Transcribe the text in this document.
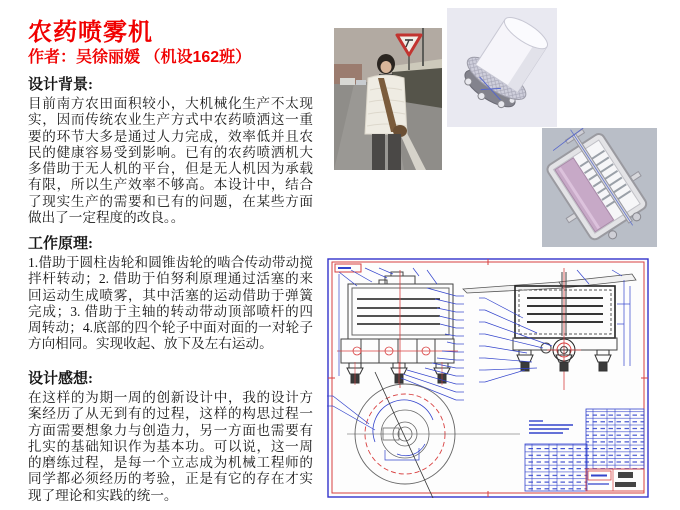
农药喷雾机
作者：吴徐丽媛 （机设162班）
设计背景:

目前南方农田面积较小，大机械化生产不太现实，因而传统农业生产方式中农药喷洒这一重要的环节大多是通过人力完成，效率低并且农民的健康容易受到影响。已有的农药喷洒机大多借助于无人机的平台，但是无人机因为承载有限，所以生产效率不够高。本设计中，结合了现实生产的需要和已有的问题，在某些方面做出了一定程度的改良。。

工作原理:

1.借助于圆柱齿轮和圆锥齿轮的啮合传动带动搅拌杆转动；2. 借助于伯努利原理通过活塞的来回运动生成喷雾，其中活塞的运动借助于弹簧完成；3. 借助于主轴的转动带动顶部喷杆的四周转动；4.底部的四个轮子中面对面的一对轮子方向相同。实现收起、放下及左右运动。

设计感想:

在这样的为期一周的创新设计中，我的设计方案经历了从无到有的过程，这样的构思过程一方面需要想象力与创造力，另一方面也需要有扎实的基础知识作为基本功。可以说，这一周的磨练过程，是每一个立志成为机械工程师的同学都必须经历的考验，正是有它的存在才实现了理论和实践的统一。
